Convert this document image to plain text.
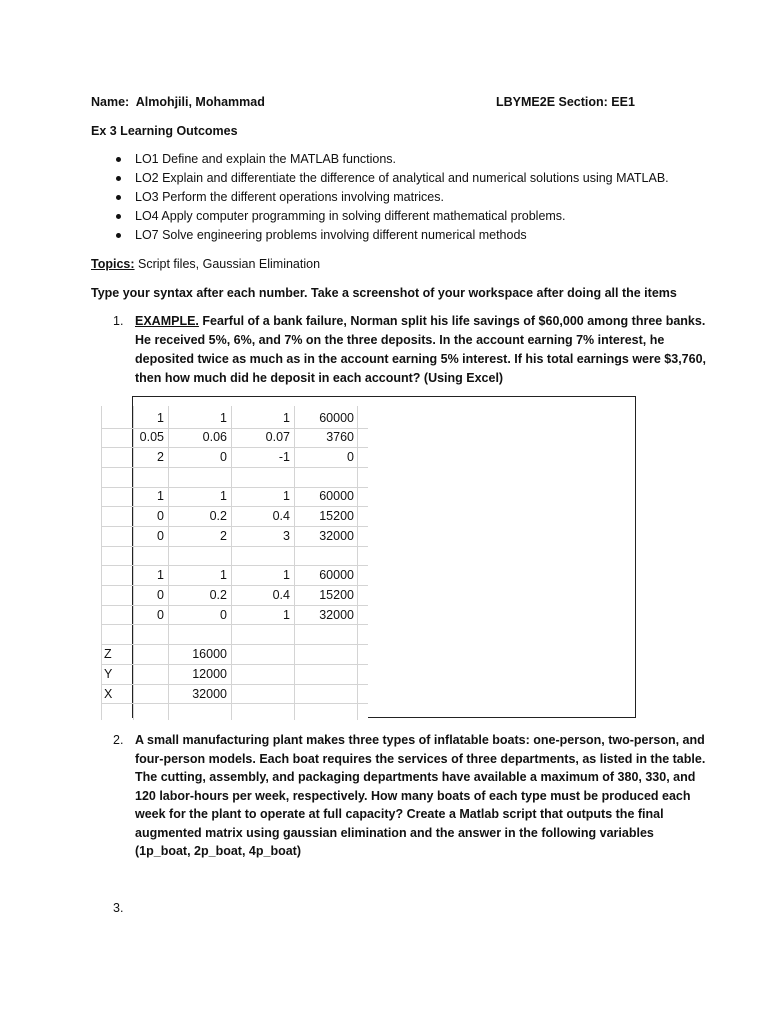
Name: Almohjili, Mohammad	LBYME2E Section: EE1
Ex 3 Learning Outcomes
LO1 Define and explain the MATLAB functions.
LO2 Explain and differentiate the difference of analytical and numerical solutions using MATLAB.
LO3 Perform the different operations involving matrices.
LO4 Apply computer programming in solving different mathematical problems.
LO7 Solve engineering problems involving different numerical methods
Topics: Script files, Gaussian Elimination
Type your syntax after each number. Take a screenshot of your workspace after doing all the items
1. EXAMPLE. Fearful of a bank failure, Norman split his life savings of $60,000 among three banks.
He received 5%, 6%, and 7% on the three deposits. In the account earning 7% interest, he
deposited twice as much as in the account earning 5% interest. If his total earnings were $3,760,
then how much did he deposit in each account? (Using Excel)
1	1	1	60000
0.05	0.06	0.07	3760
2	0	-1	0
1	1	1	60000
0	0.2	0.4	15200
0	2	3	32000
1	1	1	60000
0	0.2	0.4	15200
0	0	1	32000
Z	16000
Y	12000
X	32000
2. A small manufacturing plant makes three types of inflatable boats: one-person, two-person, and
four-person models. Each boat requires the services of three departments, as listed in the table.
The cutting, assembly, and packaging departments have available a maximum of 380, 330, and
120 labor-hours per week, respectively. How many boats of each type must be produced each
week for the plant to operate at full capacity? Create a Matlab script that outputs the final
augmented matrix using gaussian elimination and the answer in the following variables
(1p_boat, 2p_boat, 4p_boat)
3.
